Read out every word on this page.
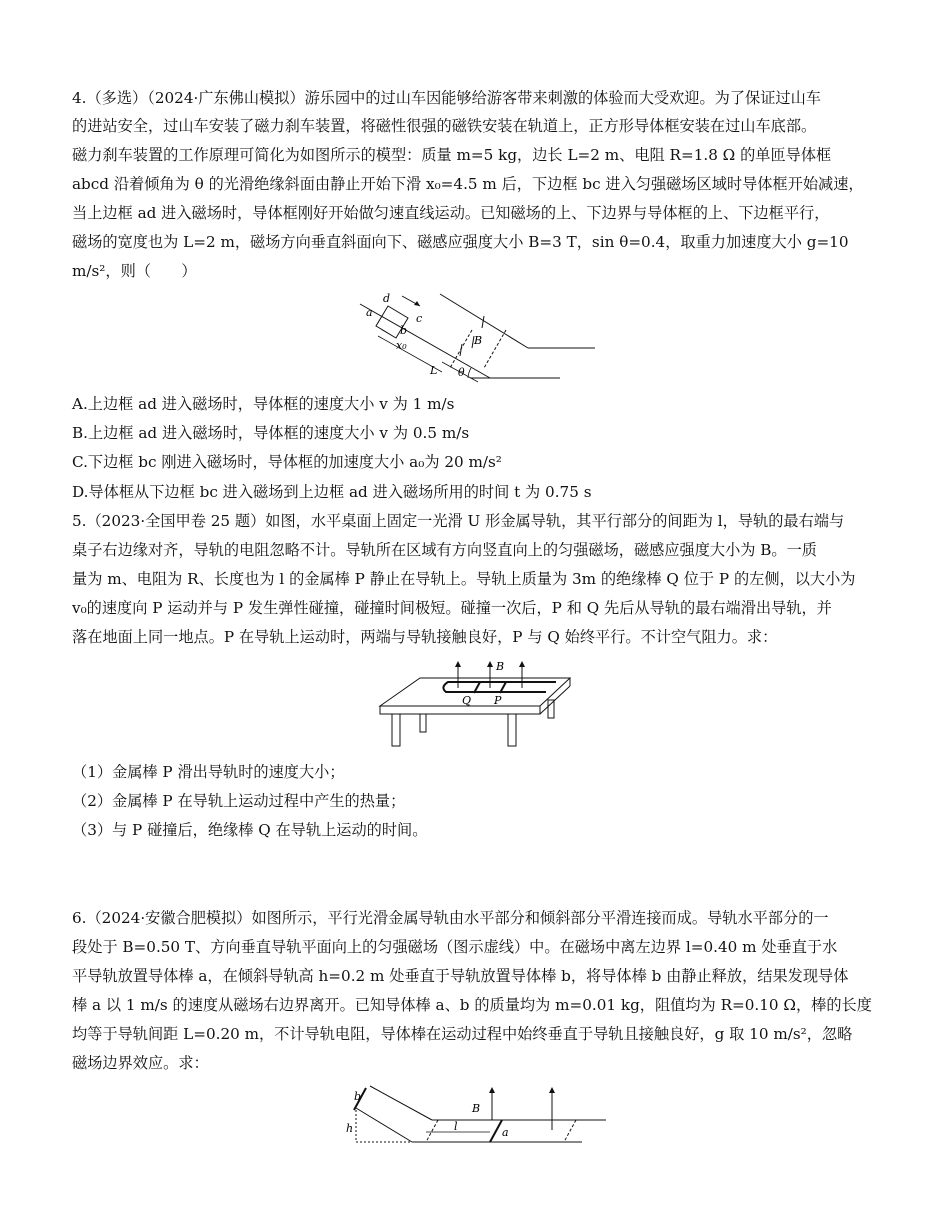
4.（多选）（2024·广东佛山模拟）游乐园中的过山车因能够给游客带来刺激的体验而大受欢迎。为了保证过山车
的进站安全，过山车安装了磁力刹车装置，将磁性很强的磁铁安装在轨道上，正方形导体框安装在过山车底部。
磁力刹车装置的工作原理可简化为如图所示的模型：质量 m=5 kg，边长 L=2 m、电阻 R=1.8 Ω 的单匝导体框
abcd 沿着倾角为 θ 的光滑绝缘斜面由静止开始下滑 x₀=4.5 m 后，下边框 bc 进入匀强磁场区域时导体框开始减速，
当上边框 ad 进入磁场时，导体框刚好开始做匀速直线运动。已知磁场的上、下边界与导体框的上、下边框平行，
磁场的宽度也为 L=2 m，磁场方向垂直斜面向下、磁感应强度大小 B=3 T，sin θ=0.4，取重力加速度大小 g=10
m/s²，则（　　）
d
a	c
b
x₀
L θ
B
A.上边框 ad 进入磁场时，导体框的速度大小 v 为 1 m/s
B.上边框 ad 进入磁场时，导体框的速度大小 v 为 0.5 m/s
C.下边框 bc 刚进入磁场时，导体框的加速度大小 a₀为 20 m/s²
D.导体框从下边框 bc 进入磁场到上边框 ad 进入磁场所用的时间 t 为 0.75 s
5.（2023·全国甲卷 25 题）如图，水平桌面上固定一光滑 U 形金属导轨，其平行部分的间距为 l，导轨的最右端与
桌子右边缘对齐，导轨的电阻忽略不计。导轨所在区域有方向竖直向上的匀强磁场，磁感应强度大小为 B。一质
量为 m、电阻为 R、长度也为 l 的金属棒 P 静止在导轨上。导轨上质量为 3m 的绝缘棒 Q 位于 P 的左侧，以大小为
v₀的速度向 P 运动并与 P 发生弹性碰撞，碰撞时间极短。碰撞一次后，P 和 Q 先后从导轨的最右端滑出导轨，并
落在地面上同一地点。P 在导轨上运动时，两端与导轨接触良好，P 与 Q 始终平行。不计空气阻力。求：
B
Q P
（1）金属棒 P 滑出导轨时的速度大小；
（2）金属棒 P 在导轨上运动过程中产生的热量；
（3）与 P 碰撞后，绝缘棒 Q 在导轨上运动的时间。
6.（2024·安徽合肥模拟）如图所示，平行光滑金属导轨由水平部分和倾斜部分平滑连接而成。导轨水平部分的一
段处于 B=0.50 T、方向垂直导轨平面向上的匀强磁场（图示虚线）中。在磁场中离左边界 l=0.40 m 处垂直于水
平导轨放置导体棒 a，在倾斜导轨高 h=0.2 m 处垂直于导轨放置导体棒 b，将导体棒 b 由静止释放，结果发现导体
棒 a 以 1 m/s 的速度从磁场右边界离开。已知导体棒 a、b 的质量均为 m=0.01 kg，阻值均为 R=0.10 Ω，棒的长度
均等于导轨间距 L=0.20 m，不计导轨电阻，导体棒在运动过程中始终垂直于导轨且接触良好，g 取 10 m/s²，忽略
磁场边界效应。求：
b
h
B
l	a
